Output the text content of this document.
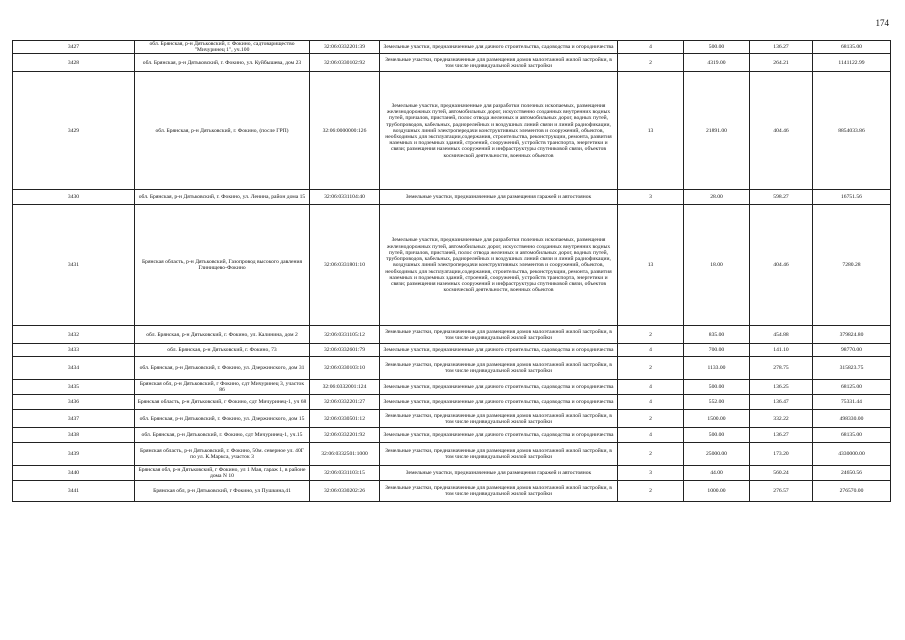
174
3427	обл. Брянская, р-н Дятьковский, г. Фокино, садтовариществo "Мичуринец 1", уч.100	32:06:0332201:39	Земельные участки, предназначенные для дачного строительства, садоводства и огородничества	4	500.00	136.27	68135.00
3428	обл. Брянская, р-н Дятьковский, г. Фокино, ул. Куйбышева, дом 23	32:06:0330102:92	Земельные участки, предназначенные для размещения домов малоэтажной жилой застройки, в том числе индивидуальной жилой застройки	2	4319.00	264.21	1141122.99
3429	обл. Брянская, р-н Дятьковский, г. Фокино, (после ГРП)	32:06:0000000:126	Земельные участки, предназначенные для разработки полезных ископаемых, размещения железнодорожных путей, автомобильных дорог, искусственно созданных внутренних водных путей, причалов, пристаней, полос отвода железных и автомобильных дорог, водных путей, трубопроводов, кабельных, радиорелейных и воздушных линий связи и линий радиофикации, воздушных линий электропередачи конструктивных элементов и сооружений, объектов, необходимых для эксплуатации,содержания, строительства, реконструкции, ремонта, развития наземных и подземных зданий, строений, сооружений, устройств транспорта, энергетики и связи; размещения наземных сооружений и инфраструктуры спутниковой связи, объектов космической деятельности, военных объектов	13	21891.00	404.46	8854033.86
3430	обл. Брянская, р-н Дятьковский, г. Фокино, ул. Ленина, район дома 15	32:06:0331104:40	Земельные участки, предназначенные для размещения гаражей и автостоянок	3	28.00	598.27	16751.56
3431	Брянская область, р-н Дятьковский, Газопровод высокого давления Глинищево-Фокино	32:06:0331801:10	Земельные участки, предназначенные для разработки полезных ископаемых, размещения железнодорожных путей, автомобильных дорог, искусственно созданных внутренних водных путей, причалов, пристаней, полос отвода железных и автомобильных дорог, водных путей, трубопроводов, кабельных, радиорелейных и воздушных линий связи и линий радиофикации, воздушных линий электропередачи конструктивных элементов и сооружений, объектов, необходимых для эксплуатации,содержания, строительства, реконструкции, ремонта, развития наземных и подземных зданий, строений, сооружений, устройств транспорта, энергетики и связи; размещения наземных сооружений и инфраструктуры спутниковой связи, объектов космической деятельности, военных объектов	13	18.00	404.46	7280.28
3432	обл. Брянская, р-н Дятьковский, г. Фокино, ул. Калинина, дом 2	32:06:0331105:12	Земельные участки, предназначенные для размещения домов малоэтажной жилой застройки, в том числе индивидуальной жилой застройки	2	835.00	454.88	379824.80
3433	обл. Брянская, р-н Дятьковский, г. Фокино, 73	32:06:0332601:79	Земельные участки, предназначенные для дачного строительства, садоводства и огородничества	4	700.00	141.10	98770.00
3434	обл. Брянская, р-н Дятьковский, г. Фокино, ул. Дзержинского, дом 31	32:06:0330103:10	Земельные участки, предназначенные для размещения домов малоэтажной жилой застройки, в том числе индивидуальной жилой застройки	2	1133.00	278.75	315823.75
3435	Брянская обл, р-н Дятьковский, г Фокино, сдт Мичуринец 3, участок 86	32:06:0332001:124	Земельные участки, предназначенные для дачного строительства, садоводства и огородничества	4	500.00	136.25	68125.00
3436	Брянская область, р-н Дятьковский, г Фокино, сдт Мичуринец-1, уч 68	32:06:0332201:27	Земельные участки, предназначенные для дачного строительства, садоводства и огородничества	4	552.00	136.47	75331.44
3437	обл. Брянская, р-н Дятьковский, г. Фокино, ул. Дзержинского, дом 15	32:06:0330501:12	Земельные участки, предназначенные для размещения домов малоэтажной жилой застройки, в том числе индивидуальной жилой застройки	2	1500.00	332.22	498330.00
3438	обл. Брянская, р-н Дятьковский, г. Фокино, сдт Мичуринец-1, уч.15	32:06:0332201:92	Земельные участки, предназначенные для дачного строительства, садоводства и огородничества	4	500.00	136.27	68135.00
3439	Брянская область, р-н Дятьковский, г. Фокино, 50м. северное ул. 40Г по ул. К.Маркса, участок 3	32:06:0332501:1000	Земельные участки, предназначенные для размещения домов малоэтажной жилой застройки, в том числе индивидуальной жилой застройки	2	25000.00	173.20	4330000.00
3440	Брянская обл, р-н Дятьковский, г Фокино, ул 1 Мая, гараж 1, в районе дома N 10	32:06:0331103:15	Земельные участки, предназначенные для размещения гаражей и автостоянок	3	44.00	560.24	24650.56
3441	Брянская обл, р-н Дятьковский, г Фокино, ул Пушкина,41	32:06:0330202:26	Земельные участки, предназначенные для размещения домов малоэтажной жилой застройки, в том числе индивидуальной жилой застройки	2	1000.00	276.57	276570.00
